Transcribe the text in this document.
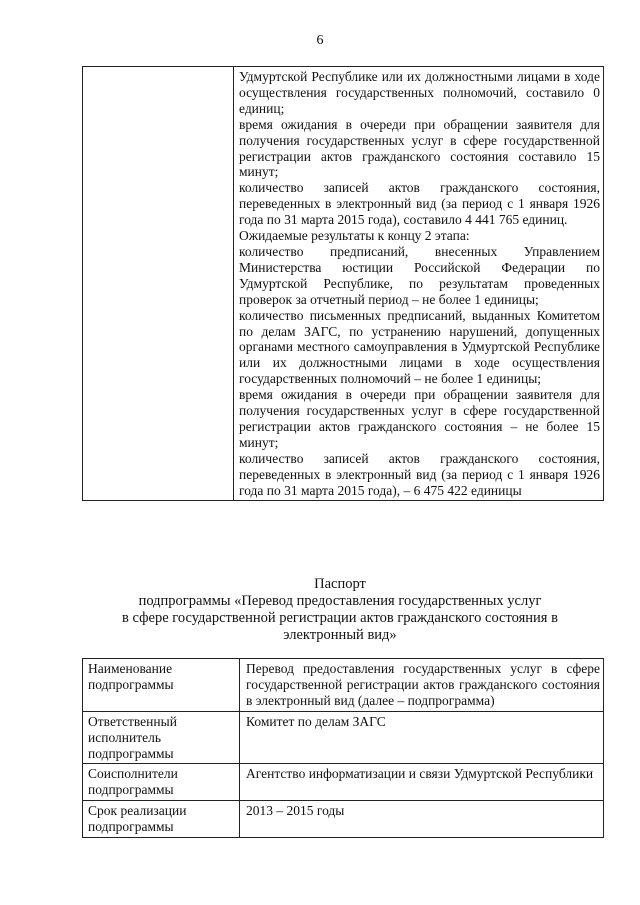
6

Удмуртской Республике или их должностными лицами в ходе осуществления государственных полномочий, составило 0 единиц;
время ожидания в очереди при обращении заявителя для получения государственных услуг в сфере государственной регистрации актов гражданского состояния составило 15 минут;
количество записей актов гражданского состояния, переведенных в электронный вид (за период с 1 января 1926 года по 31 марта 2015 года), составило 4 441 765 единиц.
Ожидаемые результаты к концу 2 этапа:
количество предписаний, внесенных Управлением Министерства юстиции Российской Федерации по Удмуртской Республике, по результатам проведенных проверок за отчетный период – не более 1 единицы;
количество письменных предписаний, выданных Комитетом по делам ЗАГС, по устранению нарушений, допущенных органами местного самоуправления в Удмуртской Республике или их должностными лицами в ходе осуществления государственных полномочий – не более 1 единицы;
время ожидания в очереди при обращении заявителя для получения государственных услуг в сфере государственной регистрации актов гражданского состояния – не более 15 минут;
количество записей актов гражданского состояния, переведенных в электронный вид (за период с 1 января 1926 года по 31 марта 2015 года), – 6 475 422 единицы
Паспорт
подпрограммы «Перевод предоставления государственных услуг
в сфере государственной регистрации актов гражданского состояния в
электронный вид»
Наименование подпрограммы	Перевод предоставления государственных услуг в сфере государственной регистрации актов гражданского состояния в электронный вид (далее – подпрограмма)
Ответственный исполнитель подпрограммы	Комитет по делам ЗАГС
Соисполнители подпрограммы	Агентство информатизации и связи Удмуртской Республики
Срок реализации подпрограммы	2013 – 2015 годы
